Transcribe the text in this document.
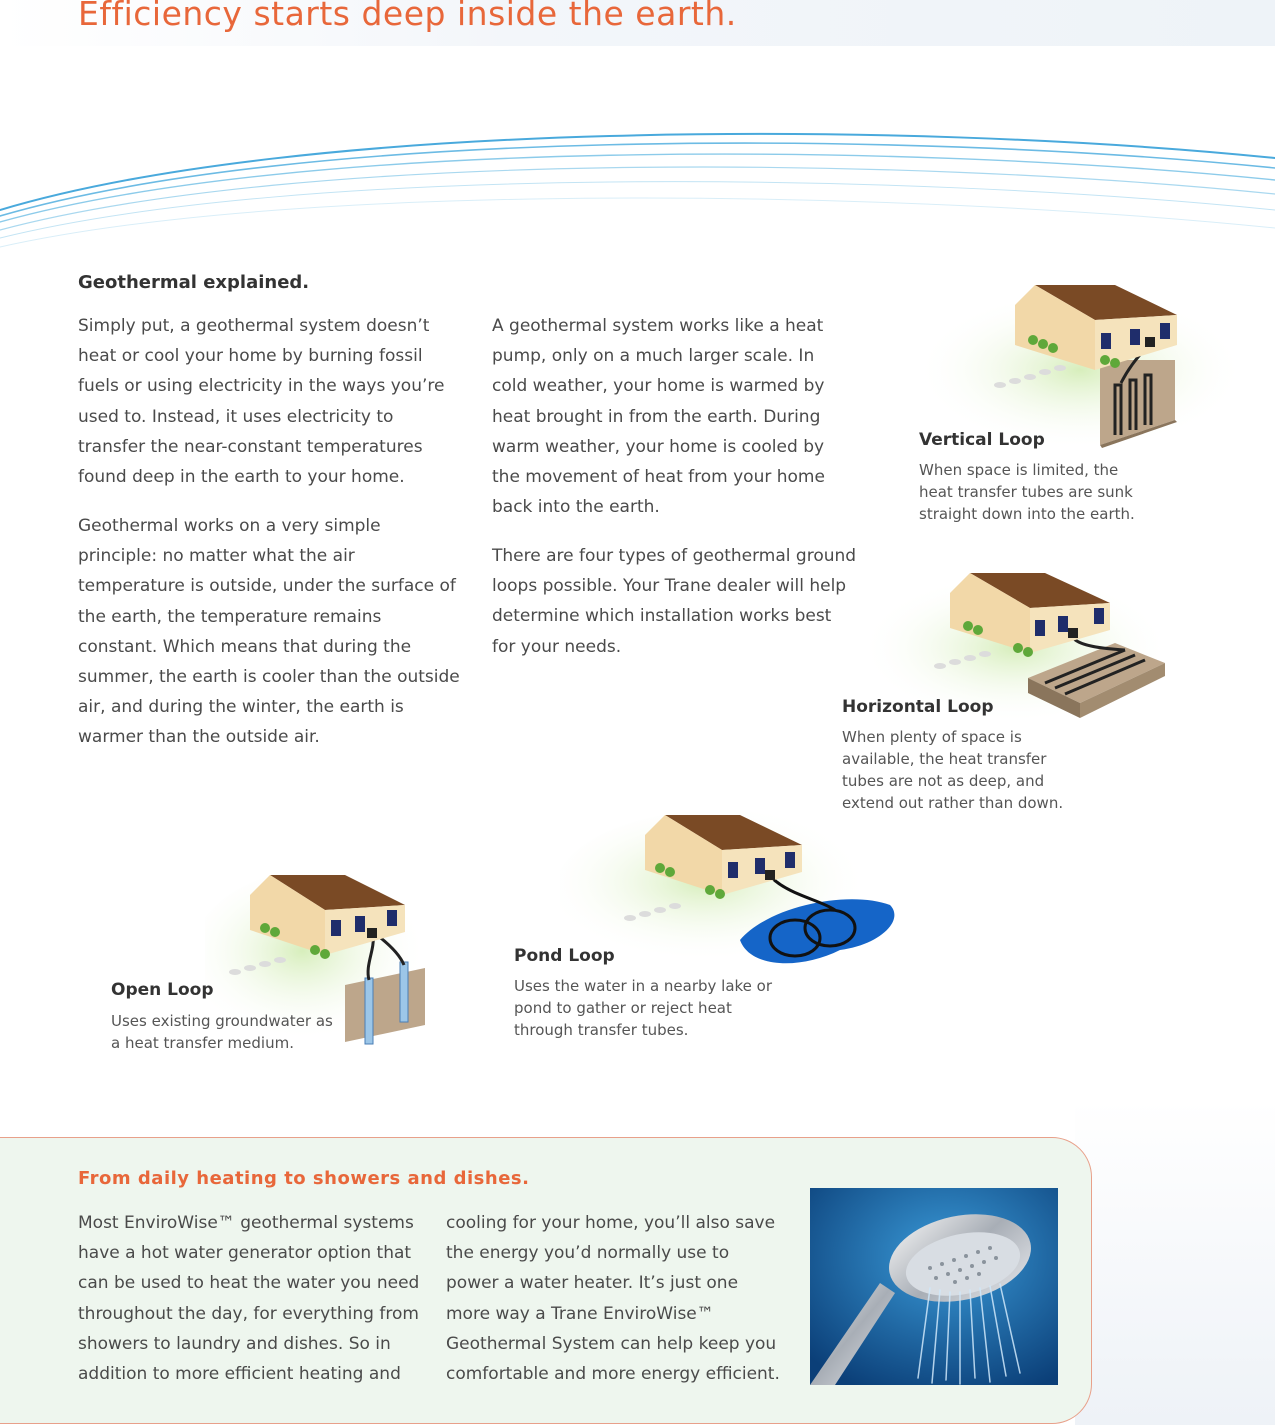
Efficiency starts deep inside the earth.
Geothermal explained.

Simply put, a geothermal system doesn’t heat or cool your home by burning fossil fuels or using electricity in the ways you’re used to. Instead, it uses electricity to transfer the near-constant temperatures found deep in the earth to your home.

Geothermal works on a very simple principle: no matter what the air temperature is outside, under the surface of the earth, the temperature remains constant. Which means that during the summer, the earth is cooler than the outside air, and during the winter, the earth is warmer than the outside air.

A geothermal system works like a heat pump, only on a much larger scale. In cold weather, your home is warmed by heat brought in from the earth. During warm weather, your home is cooled by the movement of heat from your home back into the earth.

There are four types of geothermal ground loops possible. Your Trane dealer will help determine which installation works best for your needs.

Vertical Loop

When space is limited, the heat transfer tubes are sunk straight down into the earth.

Horizontal Loop

When plenty of space is available, the heat transfer tubes are not as deep, and extend out rather than down.

Pond Loop

Uses the water in a nearby lake or pond to gather or reject heat through transfer tubes.

Open Loop

Uses existing groundwater as a heat transfer medium.

From daily heating to showers and dishes.

Most EnviroWise™ geothermal systems have a hot water generator option that can be used to heat the water you need throughout the day, for everything from showers to laundry and dishes. So in addition to more efficient heating and

cooling for your home, you’ll also save the energy you’d normally use to power a water heater. It’s just one more way a Trane EnviroWise™ Geothermal System can help keep you comfortable and more energy efficient.
